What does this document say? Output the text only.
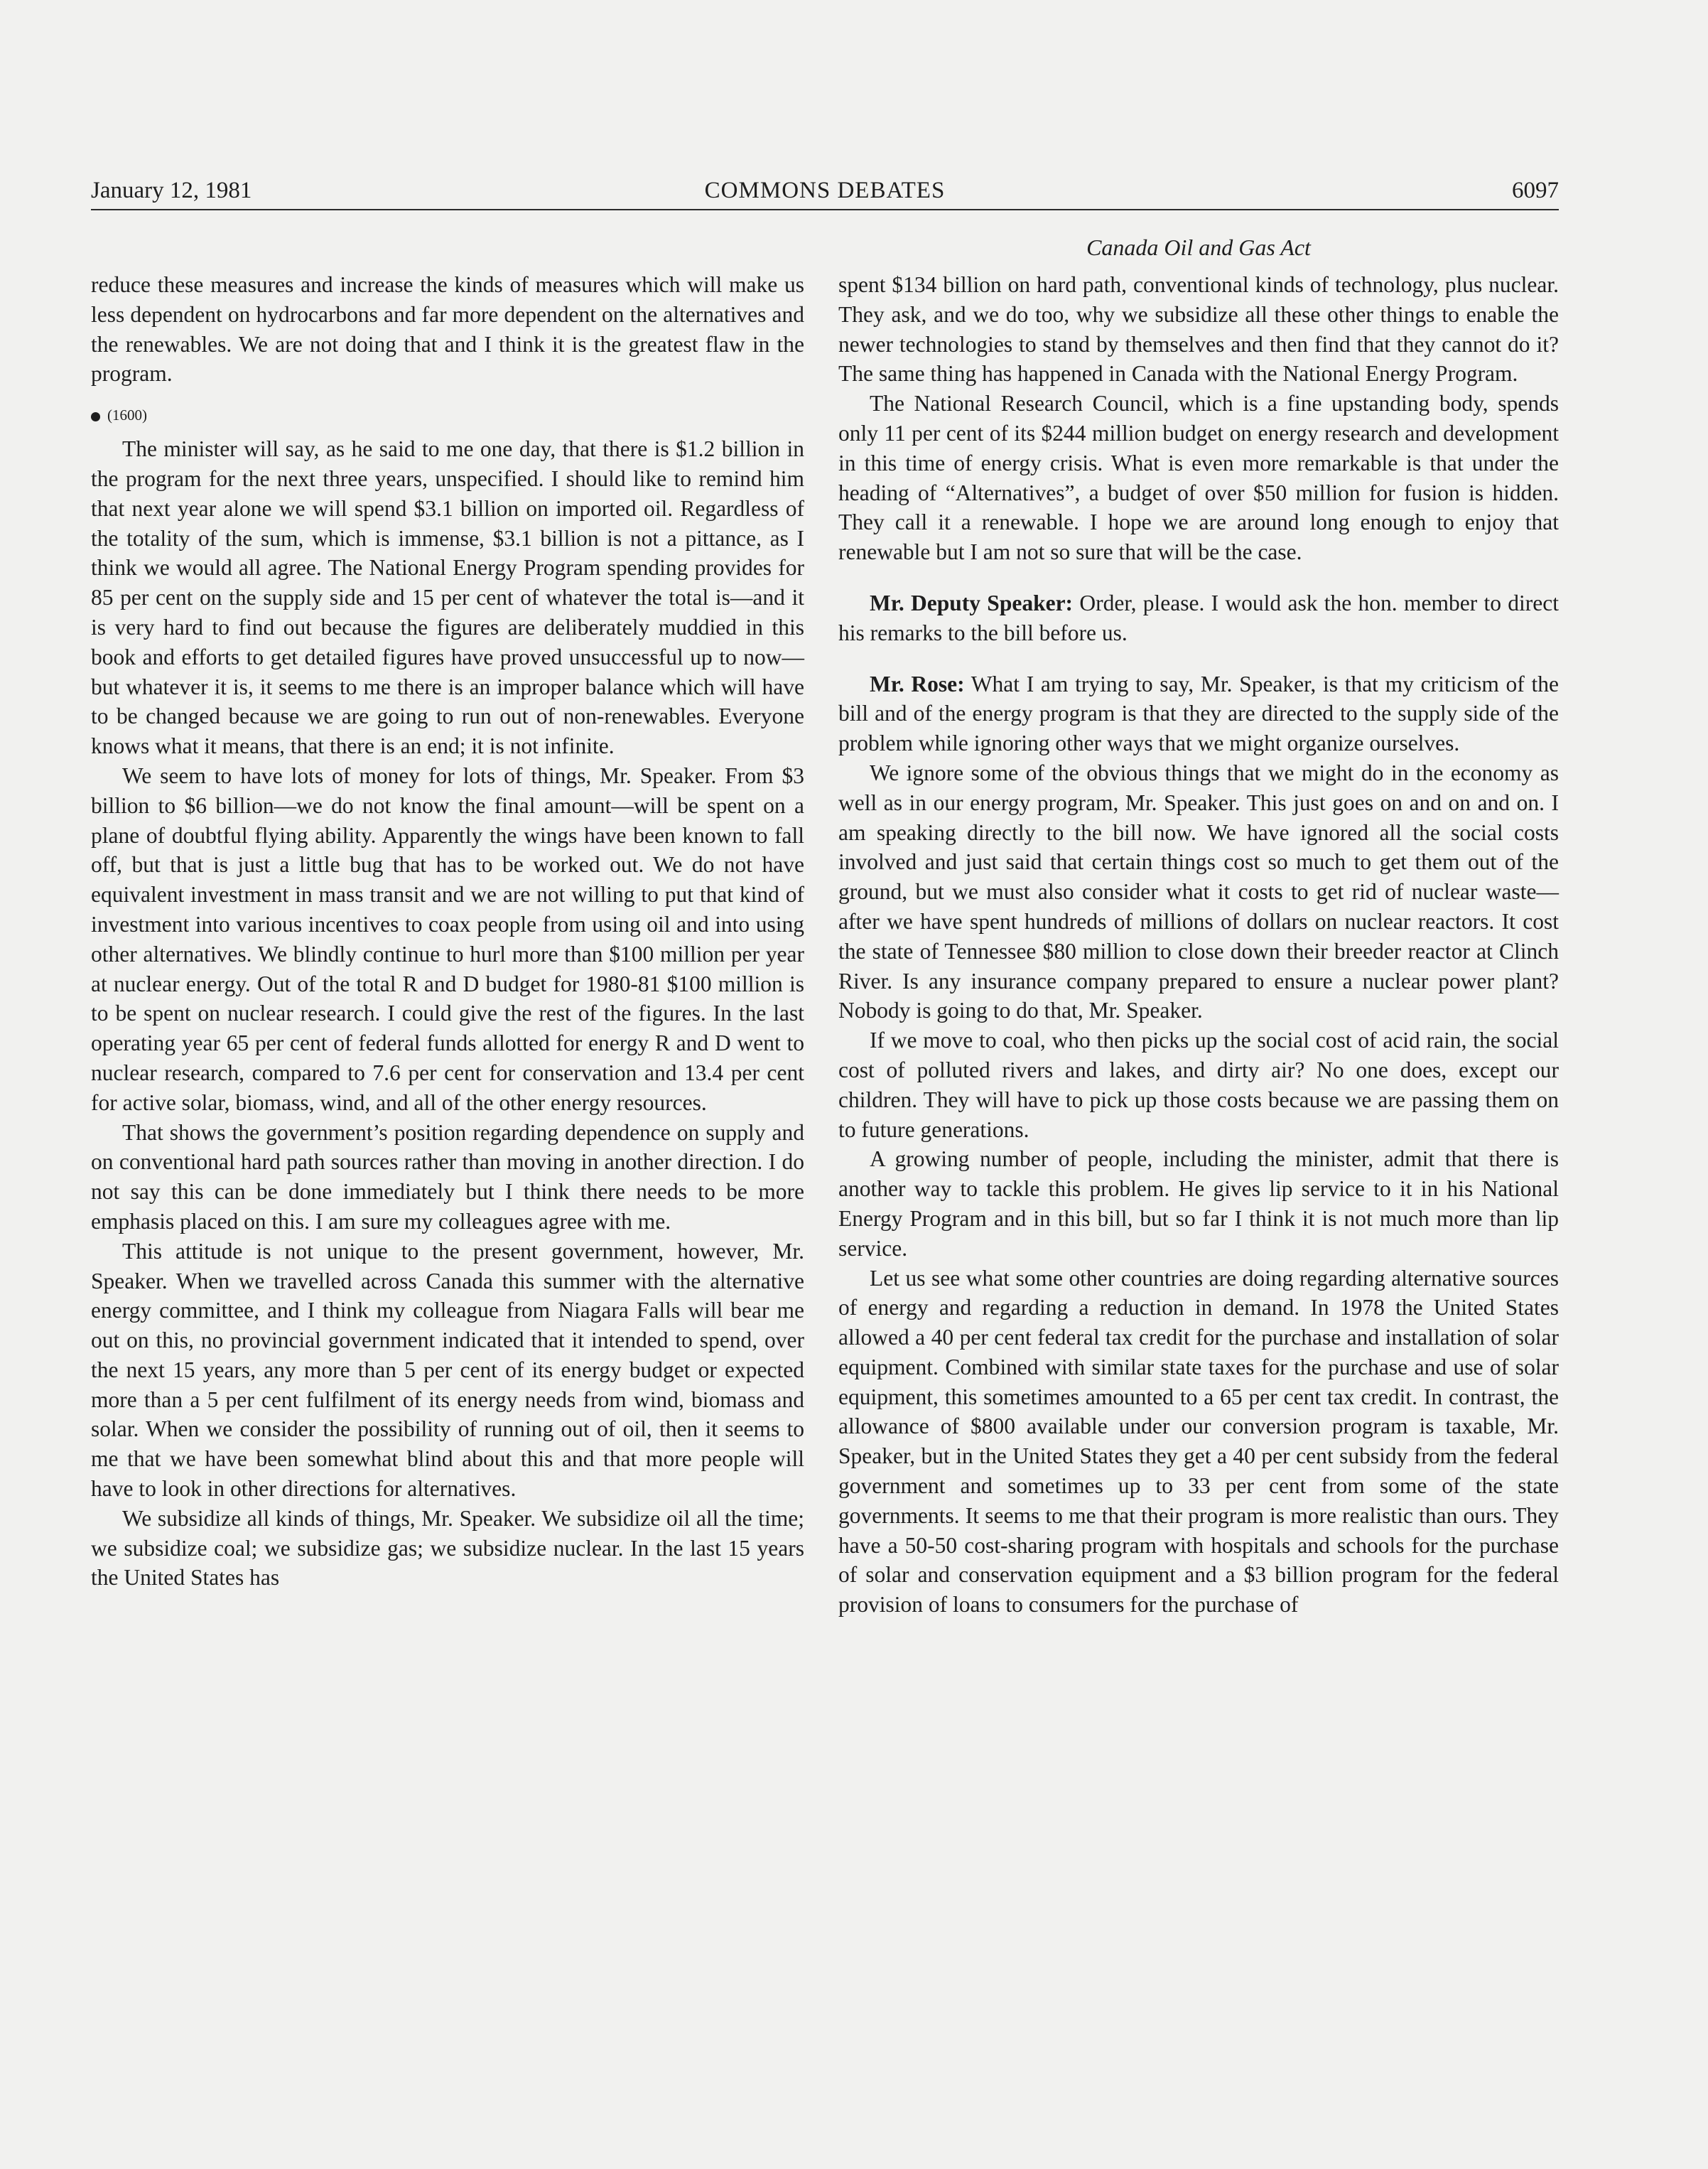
January 12, 1981	COMMONS DEBATES	6097
Canada Oil and Gas Act

reduce these measures and increase the kinds of measures which will make us less dependent on hydrocarbons and far more dependent on the alternatives and the renewables. We are not doing that and I think it is the greatest flaw in the program.

(1600)

The minister will say, as he said to me one day, that there is $1.2 billion in the program for the next three years, unspecified. I should like to remind him that next year alone we will spend $3.1 billion on imported oil. Regardless of the totality of the sum, which is immense, $3.1 billion is not a pittance, as I think we would all agree. The National Energy Program spending provides for 85 per cent on the supply side and 15 per cent of whatever the total is—and it is very hard to find out because the figures are deliberately muddied in this book and efforts to get detailed figures have proved unsuccessful up to now—but whatever it is, it seems to me there is an improper balance which will have to be changed because we are going to run out of non-renewables. Everyone knows what it means, that there is an end; it is not infinite.

We seem to have lots of money for lots of things, Mr. Speaker. From $3 billion to $6 billion—we do not know the final amount—will be spent on a plane of doubtful flying ability. Apparently the wings have been known to fall off, but that is just a little bug that has to be worked out. We do not have equivalent investment in mass transit and we are not willing to put that kind of investment into various incentives to coax people from using oil and into using other alternatives. We blindly continue to hurl more than $100 million per year at nuclear energy. Out of the total R and D budget for 1980-81 $100 million is to be spent on nuclear research. I could give the rest of the figures. In the last operating year 65 per cent of federal funds allotted for energy R and D went to nuclear research, compared to 7.6 per cent for conservation and 13.4 per cent for active solar, biomass, wind, and all of the other energy resources.

That shows the government’s position regarding dependence on supply and on conventional hard path sources rather than moving in another direction. I do not say this can be done immediately but I think there needs to be more emphasis placed on this. I am sure my colleagues agree with me.

This attitude is not unique to the present government, however, Mr. Speaker. When we travelled across Canada this summer with the alternative energy committee, and I think my colleague from Niagara Falls will bear me out on this, no provincial government indicated that it intended to spend, over the next 15 years, any more than 5 per cent of its energy budget or expected more than a 5 per cent fulfilment of its energy needs from wind, biomass and solar. When we consider the possibility of running out of oil, then it seems to me that we have been somewhat blind about this and that more people will have to look in other directions for alternatives.

We subsidize all kinds of things, Mr. Speaker. We subsidize oil all the time; we subsidize coal; we subsidize gas; we subsidize nuclear. In the last 15 years the United States has

spent $134 billion on hard path, conventional kinds of technology, plus nuclear. They ask, and we do too, why we subsidize all these other things to enable the newer technologies to stand by themselves and then find that they cannot do it? The same thing has happened in Canada with the National Energy Program.

The National Research Council, which is a fine upstanding body, spends only 11 per cent of its $244 million budget on energy research and development in this time of energy crisis. What is even more remarkable is that under the heading of “Alternatives”, a budget of over $50 million for fusion is hidden. They call it a renewable. I hope we are around long enough to enjoy that renewable but I am not so sure that will be the case.

Mr. Deputy Speaker: Order, please. I would ask the hon. member to direct his remarks to the bill before us.

Mr. Rose: What I am trying to say, Mr. Speaker, is that my criticism of the bill and of the energy program is that they are directed to the supply side of the problem while ignoring other ways that we might organize ourselves.

We ignore some of the obvious things that we might do in the economy as well as in our energy program, Mr. Speaker. This just goes on and on and on. I am speaking directly to the bill now. We have ignored all the social costs involved and just said that certain things cost so much to get them out of the ground, but we must also consider what it costs to get rid of nuclear waste—after we have spent hundreds of millions of dollars on nuclear reactors. It cost the state of Tennessee $80 million to close down their breeder reactor at Clinch River. Is any insurance company prepared to ensure a nuclear power plant? Nobody is going to do that, Mr. Speaker.

If we move to coal, who then picks up the social cost of acid rain, the social cost of polluted rivers and lakes, and dirty air? No one does, except our children. They will have to pick up those costs because we are passing them on to future generations.

A growing number of people, including the minister, admit that there is another way to tackle this problem. He gives lip service to it in his National Energy Program and in this bill, but so far I think it is not much more than lip service.

Let us see what some other countries are doing regarding alternative sources of energy and regarding a reduction in demand. In 1978 the United States allowed a 40 per cent federal tax credit for the purchase and installation of solar equipment. Combined with similar state taxes for the purchase and use of solar equipment, this sometimes amounted to a 65 per cent tax credit. In contrast, the allowance of $800 available under our conversion program is taxable, Mr. Speaker, but in the United States they get a 40 per cent subsidy from the federal government and sometimes up to 33 per cent from some of the state governments. It seems to me that their program is more realistic than ours. They have a 50-50 cost-sharing program with hospitals and schools for the purchase of solar and conservation equipment and a $3 billion program for the federal provision of loans to consumers for the purchase of
